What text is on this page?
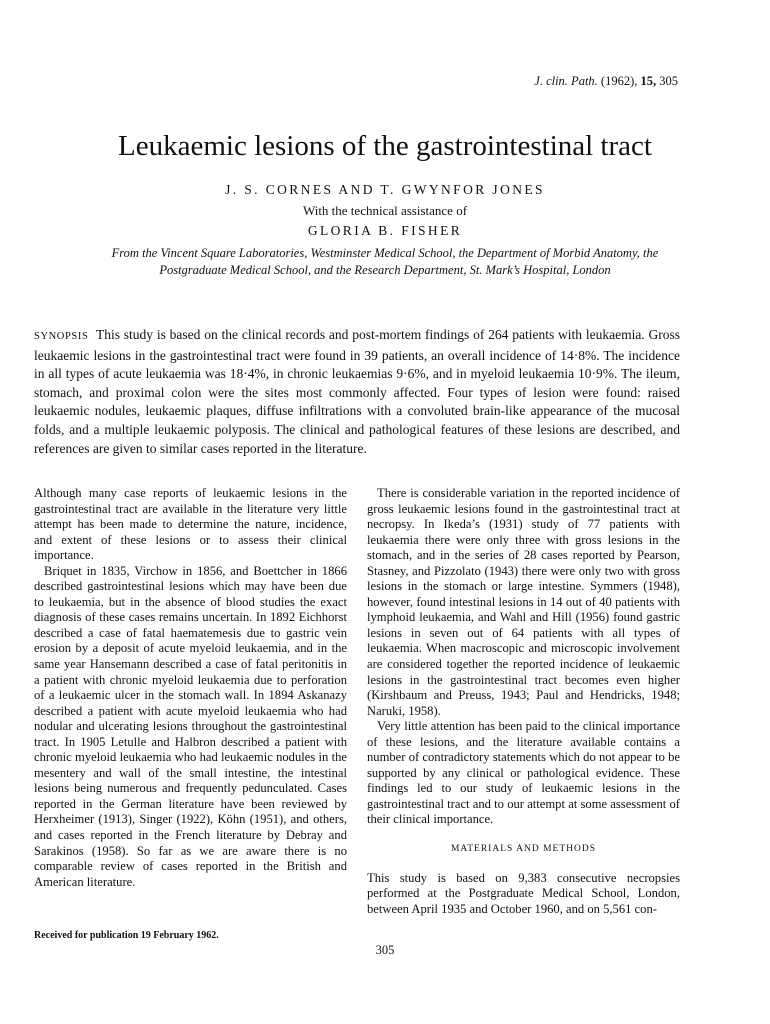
J. clin. Path. (1962), 15, 305
Leukaemic lesions of the gastrointestinal tract
J. S. CORNES AND T. GWYNFOR JONES
With the technical assistance of
GLORIA B. FISHER
From the Vincent Square Laboratories, Westminster Medical School, the Department of Morbid Anatomy, the Postgraduate Medical School, and the Research Department, St. Mark’s Hospital, London

SYNOPSIS This study is based on the clinical records and post-mortem findings of 264 patients with leukaemia. Gross leukaemic lesions in the gastrointestinal tract were found in 39 patients, an overall incidence of 14·8%. The incidence in all types of acute leukaemia was 18·4%, in chronic leukaemias 9·6%, and in myeloid leukaemia 10·9%. The ileum, stomach, and proximal colon were the sites most commonly affected. Four types of lesion were found: raised leukaemic nodules, leukaemic plaques, diffuse infiltrations with a convoluted brain-like appearance of the mucosal folds, and a multiple leukaemic polyposis. The clinical and pathological features of these lesions are described, and references are given to similar cases reported in the literature.

Although many case reports of leukaemic lesions in the gastrointestinal tract are available in the literature very little attempt has been made to determine the nature, incidence, and extent of these lesions or to assess their clinical importance.

Briquet in 1835, Virchow in 1856, and Boettcher in 1866 described gastrointestinal lesions which may have been due to leukaemia, but in the absence of blood studies the exact diagnosis of these cases remains uncertain. In 1892 Eichhorst described a case of fatal haematemesis due to gastric vein erosion by a deposit of acute myeloid leukaemia, and in the same year Hansemann described a case of fatal peritonitis in a patient with chronic myeloid leukaemia due to perforation of a leukaemic ulcer in the stomach wall. In 1894 Askanazy described a patient with acute myeloid leukaemia who had nodular and ulcerating lesions throughout the gastrointestinal tract. In 1905 Letulle and Halbron described a patient with chronic myeloid leukaemia who had leukaemic nodules in the mesentery and wall of the small intestine, the intestinal lesions being numerous and frequently pedunculated. Cases reported in the German literature have been reviewed by Herxheimer (1913), Singer (1922), Köhn (1951), and others, and cases reported in the French literature by Debray and Sarakinos (1958). So far as we are aware there is no comparable review of cases reported in the British and American literature.

There is considerable variation in the reported incidence of gross leukaemic lesions found in the gastrointestinal tract at necropsy. In Ikeda’s (1931) study of 77 patients with leukaemia there were only three with gross lesions in the stomach, and in the series of 28 cases reported by Pearson, Stasney, and Pizzolato (1943) there were only two with gross lesions in the stomach or large intestine. Symmers (1948), however, found intestinal lesions in 14 out of 40 patients with lymphoid leukaemia, and Wahl and Hill (1956) found gastric lesions in seven out of 64 patients with all types of leukaemia. When macroscopic and microscopic involvement are considered together the reported incidence of leukaemic lesions in the gastrointestinal tract becomes even higher (Kirshbaum and Preuss, 1943; Paul and Hendricks, 1948; Naruki, 1958).

Very little attention has been paid to the clinical importance of these lesions, and the literature available contains a number of contradictory statements which do not appear to be supported by any clinical or pathological evidence. These findings led to our study of leukaemic lesions in the gastrointestinal tract and to our attempt at some assessment of their clinical importance.

MATERIALS AND METHODS

This study is based on 9,383 consecutive necropsies performed at the Postgraduate Medical School, London, between April 1935 and October 1960, and on 5,561 con-

Received for publication 19 February 1962.
305
